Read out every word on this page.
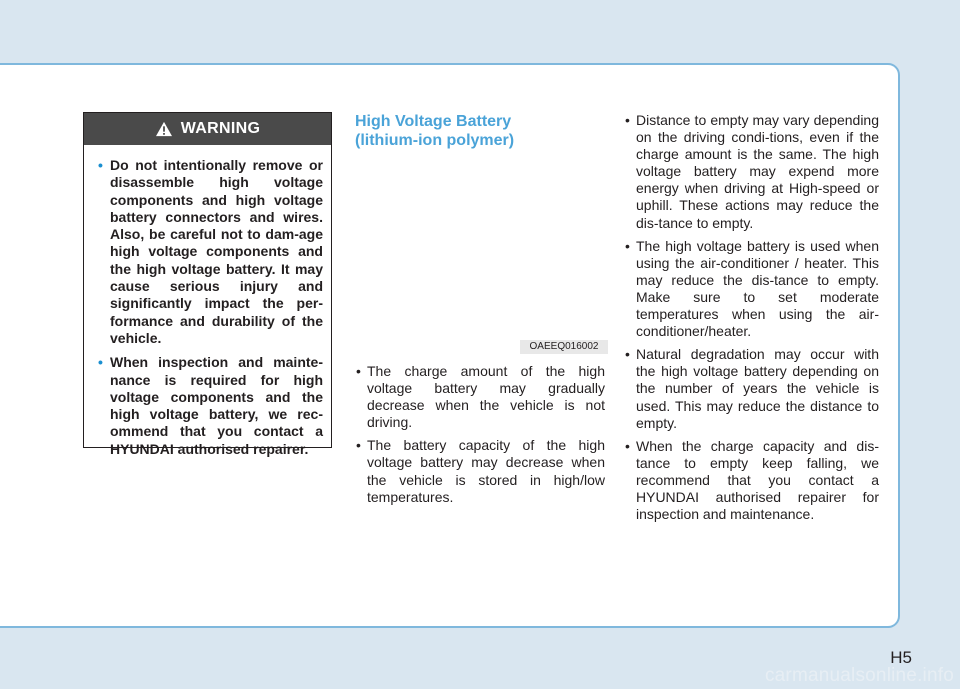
WARNING
• Do not intentionally remove or disassemble high voltage components and high voltage battery connectors and wires. Also, be careful not to dam-age high voltage components and the high voltage battery. It may cause serious injury and significantly impact the per-formance and durability of the vehicle.
• When inspection and mainte-nance is required for high voltage components and the high voltage battery, we rec-ommend that you contact a HYUNDAI authorised repairer.
High Voltage Battery
(lithium-ion polymer)
OAEEQ016002
• The charge amount of the high voltage battery may gradually decrease when the vehicle is not driving.
• The battery capacity of the high voltage battery may decrease when the vehicle is stored in high/low temperatures.
• Distance to empty may vary depending on the driving condi-tions, even if the charge amount is the same. The high voltage battery may expend more energy when driving at High-speed or uphill. These actions may reduce the dis-tance to empty.
• The high voltage battery is used when using the air-conditioner / heater. This may reduce the dis-tance to empty. Make sure to set moderate temperatures when using the air-conditioner/heater.
• Natural degradation may occur with the high voltage battery depending on the number of years the vehicle is used. This may reduce the distance to empty.
• When the charge capacity and dis-tance to empty keep falling, we recommend that you contact a HYUNDAI authorised repairer for inspection and maintenance.
H5
carmanualsonline.info
